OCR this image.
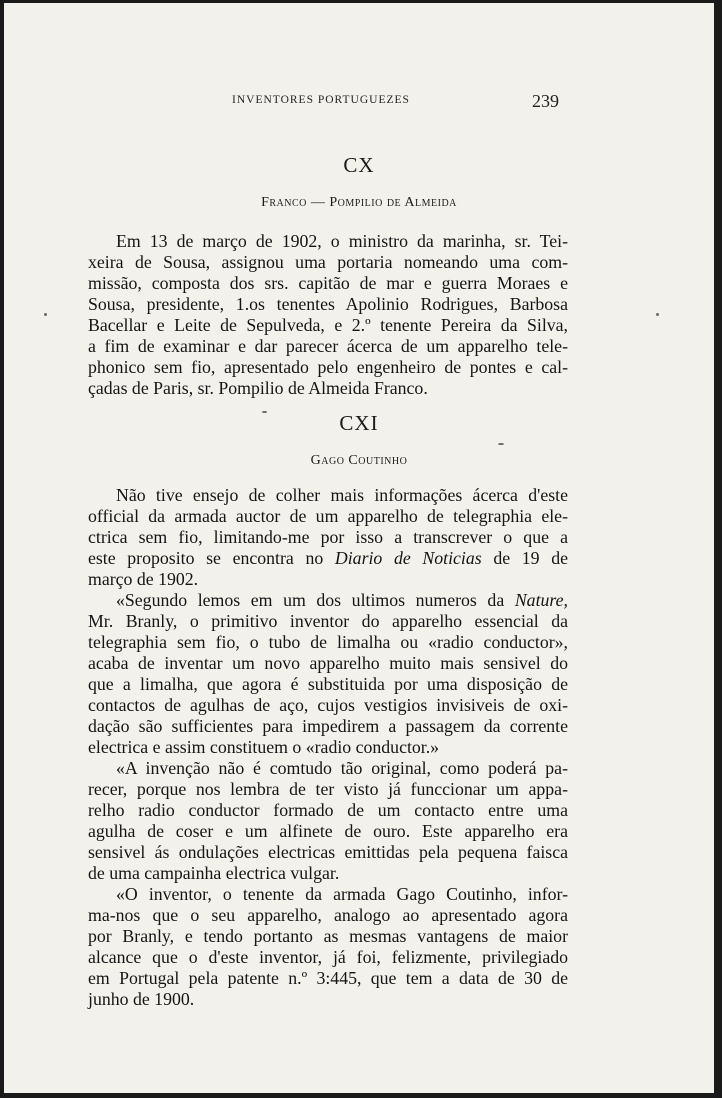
INVENTORES PORTUGUEZES	239
CX
Franco — Pompilio de Almeida
Em 13 de março de 1902, o ministro da marinha, sr. Tei-
xeira de Sousa, assignou uma portaria nomeando uma com-
missão, composta dos srs. capitão de mar e guerra Moraes e
Sousa, presidente, 1.os tenentes Apolinio Rodrigues, Barbosa
Bacellar e Leite de Sepulveda, e 2.º tenente Pereira da Silva,
a fim de examinar e dar parecer ácerca de um apparelho tele-
phonico sem fio, apresentado pelo engenheiro de pontes e cal-
çadas de Paris, sr. Pompilio de Almeida Franco.
CXI
Gago Coutinho
Não tive ensejo de colher mais informações ácerca d'este
official da armada auctor de um apparelho de telegraphia ele-
ctrica sem fio, limitando-me por isso a transcrever o que a
este proposito se encontra no Diario de Noticias de 19 de
março de 1902.
«Segundo lemos em um dos ultimos numeros da Nature,
Mr. Branly, o primitivo inventor do apparelho essencial da
telegraphia sem fio, o tubo de limalha ou «radio conductor»,
acaba de inventar um novo apparelho muito mais sensivel do
que a limalha, que agora é substituida por uma disposição de
contactos de agulhas de aço, cujos vestigios invisiveis de oxi-
dação são sufficientes para impedirem a passagem da corrente
electrica e assim constituem o «radio conductor.»
«A invenção não é comtudo tão original, como poderá pa-
recer, porque nos lembra de ter visto já funccionar um appa-
relho radio conductor formado de um contacto entre uma
agulha de coser e um alfinete de ouro. Este apparelho era
sensivel ás ondulações electricas emittidas pela pequena faisca
de uma campainha electrica vulgar.
«O inventor, o tenente da armada Gago Coutinho, infor-
ma-nos que o seu apparelho, analogo ao apresentado agora
por Branly, e tendo portanto as mesmas vantagens de maior
alcance que o d'este inventor, já foi, felizmente, privilegiado
em Portugal pela patente n.º 3:445, que tem a data de 30 de
junho de 1900.
